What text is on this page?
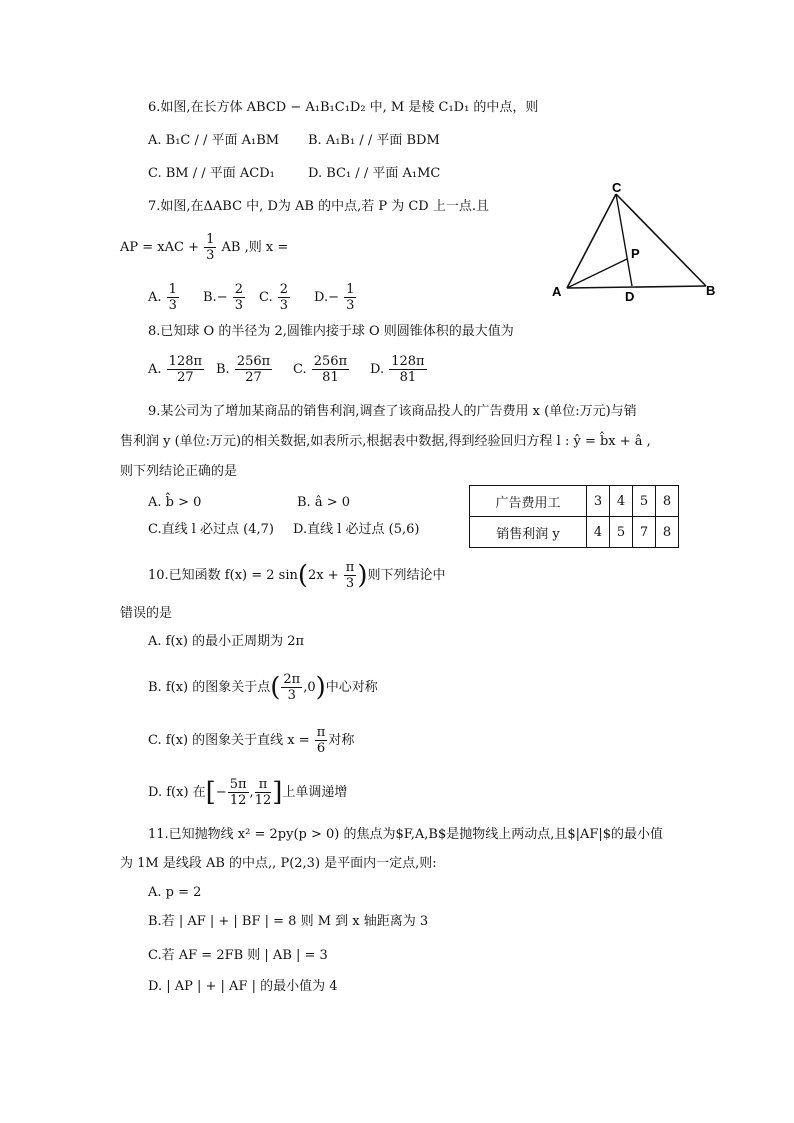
6.如图,在长方体 ABCD − A₁B₁C₁D₂ 中, M 是棱 C₁D₁ 的中点，则
A. B₁C / / 平面 A₁BM B. A₁B₁ / / 平面 BDM
C. BM / / 平面 ACD₁	D. BC₁ / / 平面 A₁MC
7.如图,在ΔABC 中, D为 AB 的中点,若 P 为 CD 上一点.且
AP = xAC + $\frac{1}{3}$ AB ,则 x =
A. $\frac{1}{3} B.- \frac{2}{3} C$. $\frac{2}{3} D.- \frac{1}{3}$
C
P
A	D	B
8.已知球 O 的半径为 2,圆锥内接于球 O 则圆锥体积的最大值为
A. $\frac{128\pi}{27} B$. $\frac{256\pi}{27} C$. $\frac{256\pi}{81} D$. $\frac{128\pi}{81}$
9.某公司为了增加某商品的销售利润,调查了该商品投人的广告费用 x (单位:万元)与销
售利润 y (单位:万元)的相关数据,如表所示,根据表中数据,得到经验回归方程 l : ŷ = b̂x + â ,
则下列结论正确的是
A. b̂ > 0	B. â > 0
C.直线 l 必过点 (4,7) D.直线 l 必过点 (5,6)
广告费用工	3	4	5	8
销售利润 y	4	5	7	8
10.已知函数 f(x) = 2 $\sin(2x + \frac{\pi}{3}$ )则下列结论中
错误的是
A. f(x) 的最小正周期为 2π
B. f(x) 的图象关于点( $\frac{2\pi}{3} ,0$)中心对称
C. f(x) 的图象关于直线 $x = \frac{\pi}{6}$ 对称
D. f(x) 在[− $\frac{5\pi}{12}$ , $\frac{\pi}{12}$ ]上单调递增
11.已知抛物线 x² = 2py(p > 0) 的焦点为$F,A,B$是抛物线上两动点,且$|AF|$的最小值
为 1M 是线段 AB 的中点,, P(2,3) 是平面内一定点,则:
A. p = 2
B.若 | AF | + | BF | = 8 则 M 到 x 轴距离为 3
C.若 AF = 2FB 则 | AB | = 3
D. | AP | + | AF | 的最小值为 4
